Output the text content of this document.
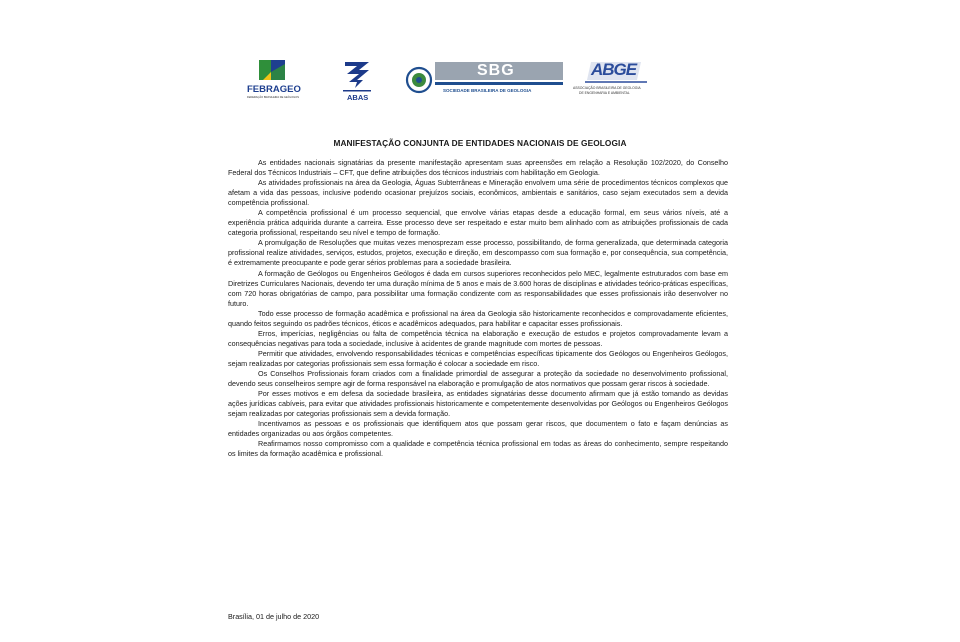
FEBRAGEO
FEDERAÇÃO BRASILEIRA DE GEÓLOGOS	ABAS
SBG
SOCIEDADE BRASILEIRA DE GEOLOGIA
ABGE
ASSOCIAÇÃO BRASILEIRA DE GEOLOGIA
DE ENGENHARIA E AMBIENTAL
MANIFESTAÇÃO CONJUNTA DE ENTIDADES NACIONAIS DE GEOLOGIA

As entidades nacionais signatárias da presente manifestação apresentam suas apreensões em relação a Resolução 102/2020, do Conselho Federal dos Técnicos Industriais – CFT, que define atribuições dos técnicos industriais com habilitação em Geologia.

As atividades profissionais na área da Geologia, Águas Subterrâneas e Mineração envolvem uma série de procedimentos técnicos complexos que afetam a vida das pessoas, inclusive podendo ocasionar prejuízos sociais, econômicos, ambientais e sanitários, caso sejam executados sem a devida competência profissional.

A competência profissional é um processo sequencial, que envolve várias etapas desde a educação formal, em seus vários níveis, até a experiência prática adquirida durante a carreira. Esse processo deve ser respeitado e estar muito bem alinhado com as atribuições profissionais de cada categoria profissional, respeitando seu nível e tempo de formação.

A promulgação de Resoluções que muitas vezes menosprezam esse processo, possibilitando, de forma generalizada, que determinada categoria profissional realize atividades, serviços, estudos, projetos, execução e direção, em descompasso com sua formação e, por consequência, sua competência, é extremamente preocupante e pode gerar sérios problemas para a sociedade brasileira.

A formação de Geólogos ou Engenheiros Geólogos é dada em cursos superiores reconhecidos pelo MEC, legalmente estruturados com base em Diretrizes Curriculares Nacionais, devendo ter uma duração mínima de 5 anos e mais de 3.600 horas de disciplinas e atividades teórico-práticas específicas, com 720 horas obrigatórias de campo, para possibilitar uma formação condizente com as responsabilidades que esses profissionais irão desenvolver no futuro.

Todo esse processo de formação acadêmica e profissional na área da Geologia são historicamente reconhecidos e comprovadamente eficientes, quando feitos seguindo os padrões técnicos, éticos e acadêmicos adequados, para habilitar e capacitar esses profissionais.

Erros, imperícias, negligências ou falta de competência técnica na elaboração e execução de estudos e projetos comprovadamente levam a consequências negativas para toda a sociedade, inclusive à acidentes de grande magnitude com mortes de pessoas.

Permitir que atividades, envolvendo responsabilidades técnicas e competências específicas tipicamente dos Geólogos ou Engenheiros Geólogos, sejam realizadas por categorias profissionais sem essa formação é colocar a sociedade em risco.

Os Conselhos Profissionais foram criados com a finalidade primordial de assegurar a proteção da sociedade no desenvolvimento profissional, devendo seus conselheiros sempre agir de forma responsável na elaboração e promulgação de atos normativos que possam gerar riscos à sociedade.

Por esses motivos e em defesa da sociedade brasileira, as entidades signatárias desse documento afirmam que já estão tomando as devidas ações jurídicas cabíveis, para evitar que atividades profissionais historicamente e competentemente desenvolvidas por Geólogos ou Engenheiros Geólogos sejam realizadas por categorias profissionais sem a devida formação.

Incentivamos as pessoas e os profissionais que identifiquem atos que possam gerar riscos, que documentem o fato e façam denúncias as entidades organizadas ou aos órgãos competentes.

Reafirmamos nosso compromisso com a qualidade e competência técnica profissional em todas as áreas do conhecimento, sempre respeitando os limites da formação acadêmica e profissional.

Brasília, 01 de julho de 2020
